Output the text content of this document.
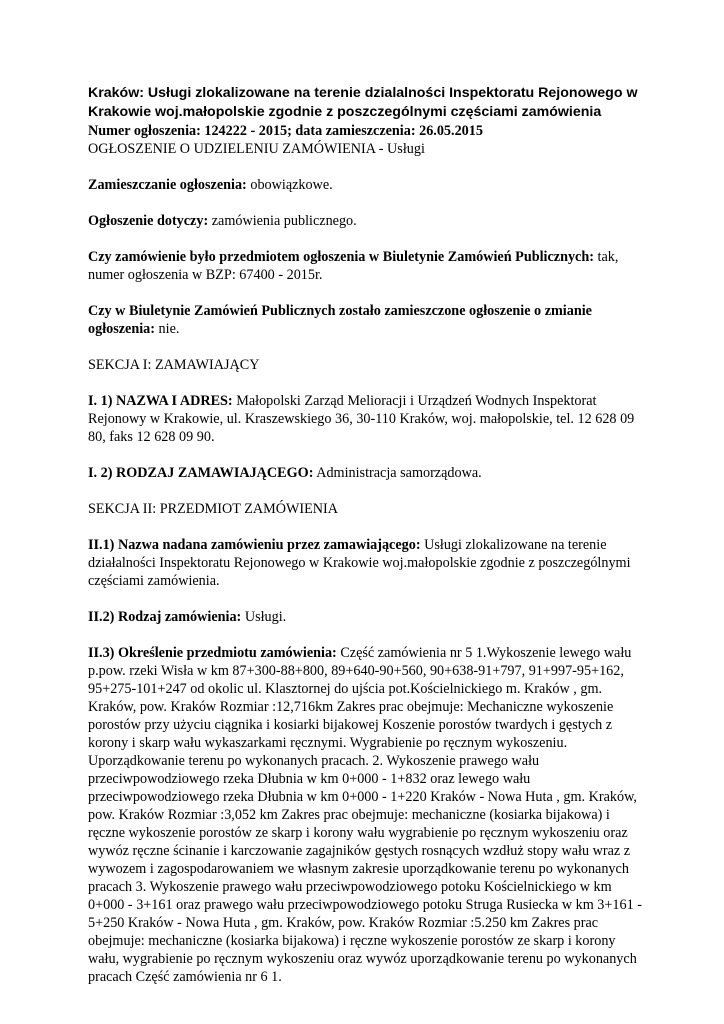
Kraków: Usługi zlokalizowane na terenie dzialalności Inspektoratu Rejonowego w Krakowie woj.małopolskie zgodnie z poszczególnymi częściami zamówienia

Numer ogłoszenia: 124222 - 2015; data zamieszczenia: 26.05.2015

OGŁOSZENIE O UDZIELENIU ZAMÓWIENIA - Usługi

Zamieszczanie ogłoszenia: obowiązkowe.

Ogłoszenie dotyczy: zamówienia publicznego.

Czy zamówienie było przedmiotem ogłoszenia w Biuletynie Zamówień Publicznych: tak, numer ogłoszenia w BZP: 67400 - 2015r.

Czy w Biuletynie Zamówień Publicznych zostało zamieszczone ogłoszenie o zmianie ogłoszenia: nie.

SEKCJA I: ZAMAWIAJĄCY

I. 1) NAZWA I ADRES: Małopolski Zarząd Melioracji i Urządzeń Wodnych Inspektorat Rejonowy w Krakowie, ul. Kraszewskiego 36, 30-110 Kraków, woj. małopolskie, tel. 12 628 09 80, faks 12 628 09 90.

I. 2) RODZAJ ZAMAWIAJĄCEGO: Administracja samorządowa.

SEKCJA II: PRZEDMIOT ZAMÓWIENIA

II.1) Nazwa nadana zamówieniu przez zamawiającego: Usługi zlokalizowane na terenie działalności Inspektoratu Rejonowego w Krakowie woj.małopolskie zgodnie z poszczególnymi częściami zamówienia.

II.2) Rodzaj zamówienia: Usługi.

II.3) Określenie przedmiotu zamówienia: Część zamówienia nr 5 1.Wykoszenie lewego wału p.pow. rzeki Wisła w km 87+300-88+800, 89+640-90+560, 90+638-91+797, 91+997-95+162, 95+275-101+247 od okolic ul. Klasztornej do ujścia pot.Kościelnickiego m. Kraków , gm. Kraków, pow. Kraków Rozmiar :12,716km Zakres prac obejmuje: Mechaniczne wykoszenie porostów przy użyciu ciągnika i kosiarki bijakowej Koszenie porostów twardych i gęstych z korony i skarp wału wykaszarkami ręcznymi. Wygrabienie po ręcznym wykoszeniu. Uporządkowanie terenu po wykonanych pracach. 2. Wykoszenie prawego wału przeciwpowodziowego rzeka Dłubnia w km 0+000 - 1+832 oraz lewego wału przeciwpowodziowego rzeka Dłubnia w km 0+000 - 1+220 Kraków - Nowa Huta , gm. Kraków, pow. Kraków Rozmiar :3,052 km Zakres prac obejmuje: mechaniczne (kosiarka bijakowa) i ręczne wykoszenie porostów ze skarp i korony wału wygrabienie po ręcznym wykoszeniu oraz wywóz ręczne ścinanie i karczowanie zagajników gęstych rosnących wzdłuż stopy wału wraz z wywozem i zagospodarowaniem we własnym zakresie uporządkowanie terenu po wykonanych pracach 3. Wykoszenie prawego wału przeciwpowodziowego potoku Kościelnickiego w km 0+000 - 3+161 oraz prawego wału przeciwpowodziowego potoku Struga Rusiecka w km 3+161 - 5+250 Kraków - Nowa Huta , gm. Kraków, pow. Kraków Rozmiar :5.250 km Zakres prac obejmuje: mechaniczne (kosiarka bijakowa) i ręczne wykoszenie porostów ze skarp i korony wału, wygrabienie po ręcznym wykoszeniu oraz wywóz uporządkowanie terenu po wykonanych pracach Część zamówienia nr 6 1.
